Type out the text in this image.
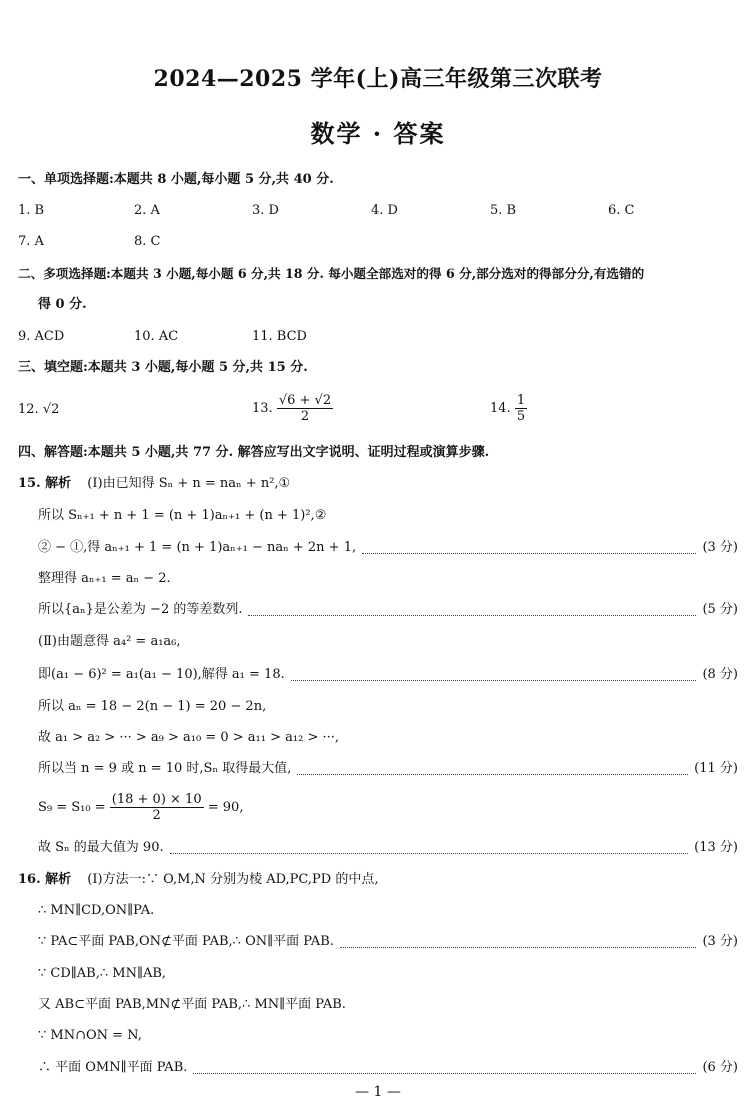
2024—2025 学年(上)高三年级第三次联考
数学 · 答案
一、单项选择题:本题共 8 小题,每小题 5 分,共 40 分.
1. B	2. A	3. D	4. D	5. B	6. C
7. A	8. C
二、多项选择题:本题共 3 小题,每小题 6 分,共 18 分. 每小题全部选对的得 6 分,部分选对的得部分分,有选错的
得 0 分.
9. ACD	10. AC	11. BCD
三、填空题:本题共 3 小题,每小题 5 分,共 15 分.
12. √2	13. $\frac{√6 + √2}{2}$	14. $\frac{1}{5}$
四、解答题:本题共 5 小题,共 77 分. 解答应写出文字说明、证明过程或演算步骤.
15. 解析 (Ⅰ)由已知得 Sₙ + n = naₙ + n²,①
所以 Sₙ₊₁ + n + 1 = (n + 1)aₙ₊₁ + (n + 1)²,②
② − ①,得 aₙ₊₁ + 1 = (n + 1)aₙ₊₁ − naₙ + 2n + 1,	(3 分)
整理得 aₙ₊₁ = aₙ − 2.
所以{aₙ}是公差为 −2 的等差数列.	(5 分)
(Ⅱ)由题意得 a₄² = a₁a₆,
即(a₁ − 6)² = a₁(a₁ − 10),解得 a₁ = 18.	(8 分)
所以 aₙ = 18 − 2(n − 1) = 20 − 2n,
故 a₁ > a₂ > ··· > a₉ > a₁₀ = 0 > a₁₁ > a₁₂ > ···,
所以当 n = 9 或 n = 10 时,Sₙ 取得最大值,	(11 分)
$S_9 = S_{10} = \frac{(18 + 0) \times 10}{2} = 90$,
故 Sₙ 的最大值为 90.	(13 分)
16. 解析 (Ⅰ)方法一:∵ O,M,N 分别为棱 AD,PC,PD 的中点,
∴ MN∥CD,ON∥PA.
∵ PA⊂平面 PAB,ON⊄平面 PAB,∴ ON∥平面 PAB.	(3 分)
∵ CD∥AB,∴ MN∥AB,
又 AB⊂平面 PAB,MN⊄平面 PAB,∴ MN∥平面 PAB.
∵ MN∩ON = N,
∴ 平面 OMN∥平面 PAB.	(6 分)
— 1 —
